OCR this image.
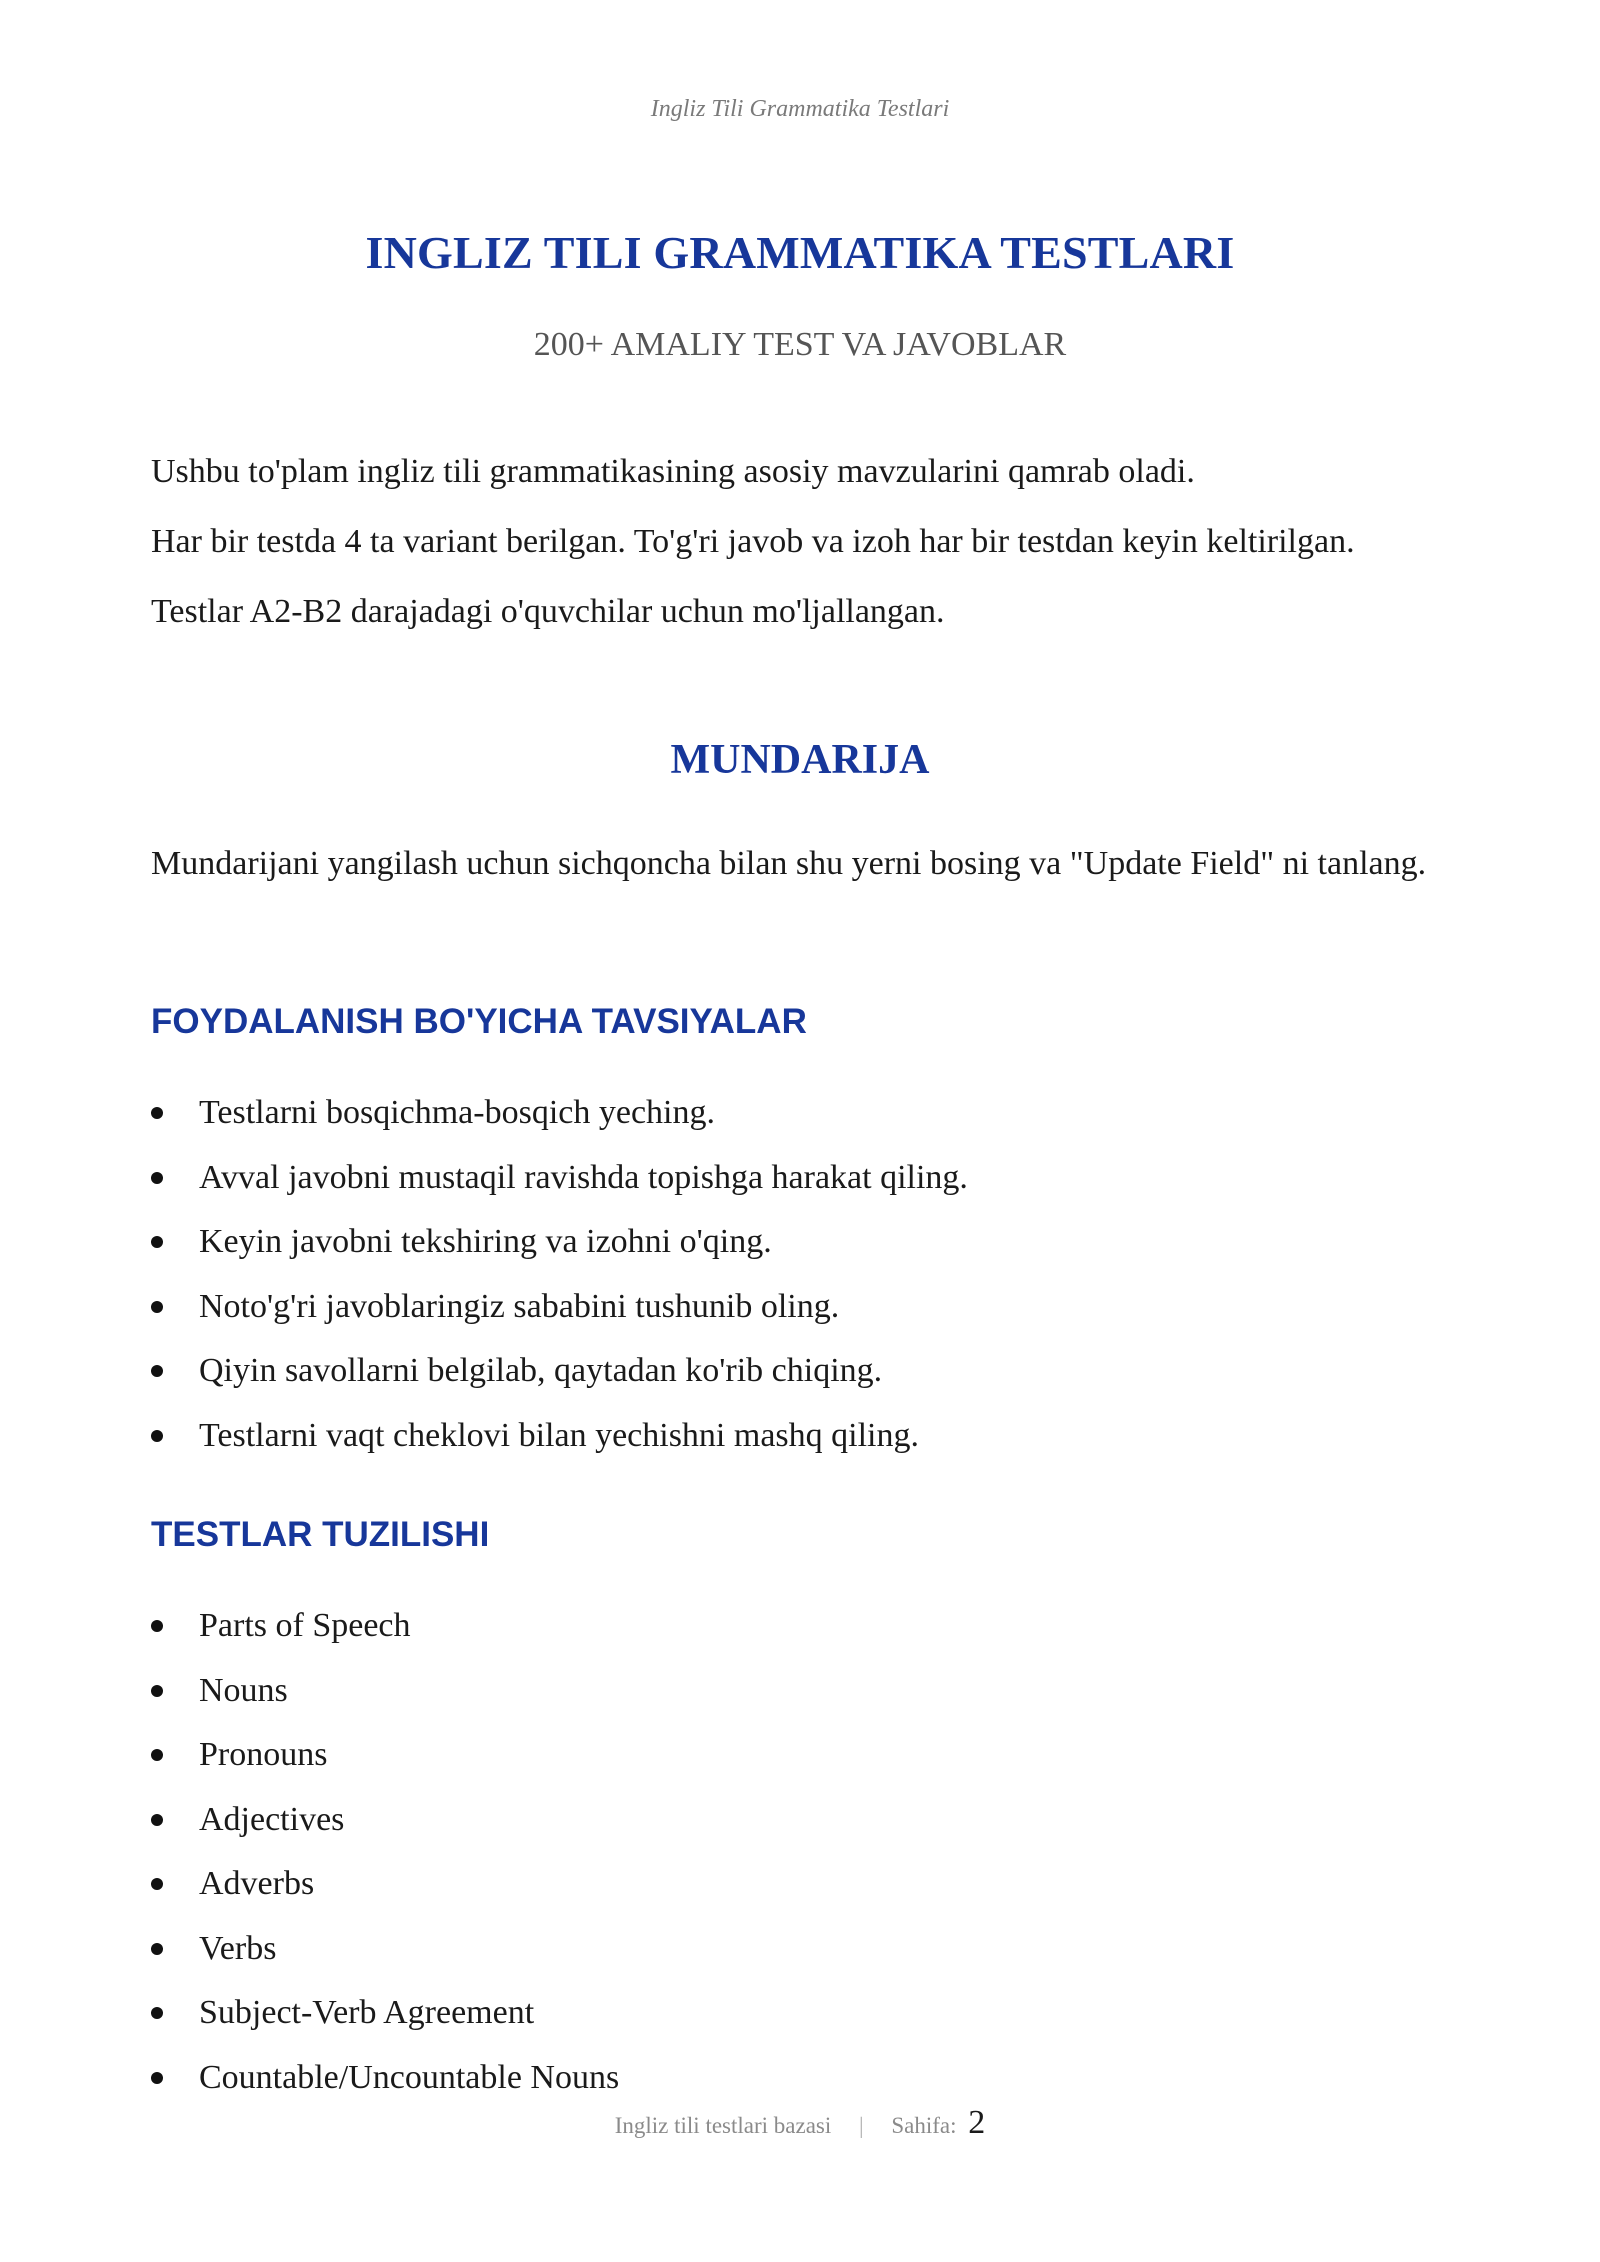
Ingliz Tili Grammatika Testlari
INGLIZ TILI GRAMMATIKA TESTLARI
200+ AMALIY TEST VA JAVOBLAR

Ushbu to'plam ingliz tili grammatikasining asosiy mavzularini qamrab oladi.

Har bir testda 4 ta variant berilgan. To'g'ri javob va izoh har bir testdan keyin keltirilgan.

Testlar A2-B2 darajadagi o'quvchilar uchun mo'ljallangan.

MUNDARIJA

Mundarijani yangilash uchun sichqoncha bilan shu yerni bosing va "Update Field" ni tanlang.

FOYDALANISH BO'YICHA TAVSIYALAR
Testlarni bosqichma-bosqich yeching.
Avval javobni mustaqil ravishda topishga harakat qiling.
Keyin javobni tekshiring va izohni o'qing.
Noto'g'ri javoblaringiz sababini tushunib oling.
Qiyin savollarni belgilab, qaytadan ko'rib chiqing.
Testlarni vaqt cheklovi bilan yechishni mashq qiling.
TESTLAR TUZILISHI
Parts of Speech
Nouns
Pronouns
Adjectives
Adverbs
Verbs
Subject-Verb Agreement
Countable/Uncountable Nouns
Ingliz tili testlari bazasi | Sahifa: 2
